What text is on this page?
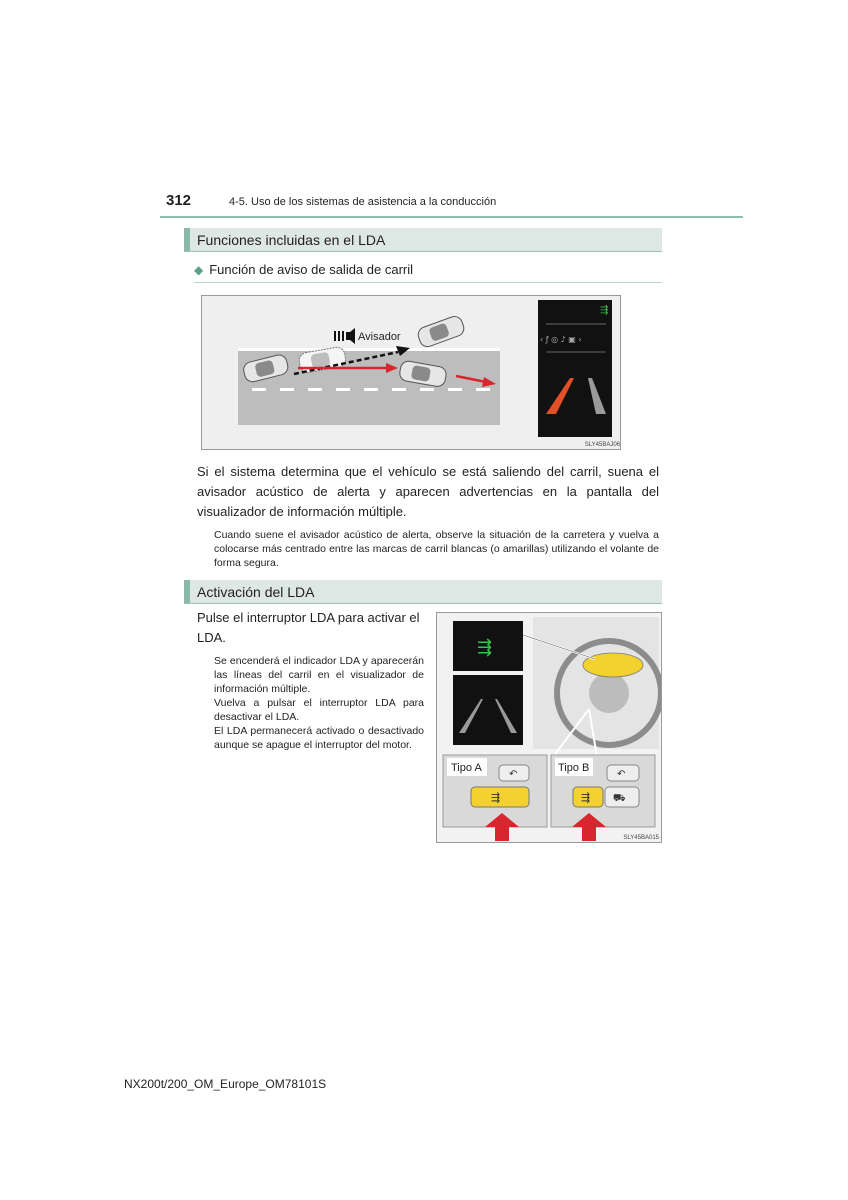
312	4-5. Uso de los sistemas de asistencia a la conducción
Funciones incluidas en el LDA
◆ Función de aviso de salida de carril
Avisador
⇶
‹ ƒ ◎ ♪ ▣ ›
SLY45BAJ06
Si el sistema determina que el vehículo se está saliendo del carril, suena el avisador acústico de alerta y aparecen advertencias en la pantalla del visualizador de información múltiple.
Cuando suene el avisador acústico de alerta, observe la situación de la carretera y vuelva a colocarse más centrado entre las marcas de carril blancas (o amarillas) utilizando el volante de forma segura.
Activación del LDA
Pulse el interruptor LDA para activar el LDA.
Se encenderá el indicador LDA y aparecerán las líneas del carril en el visualizador de información múltiple.
Vuelva a pulsar el interruptor LDA para desactivar el LDA.
El LDA permanecerá activado o desactivado aunque se apague el interruptor del motor.
⇶
Tipo A	Tipo B
↶
⇶
↶
⇶ ⛟
SLY45BA015
NX200t/200_OM_Europe_OM78101S
